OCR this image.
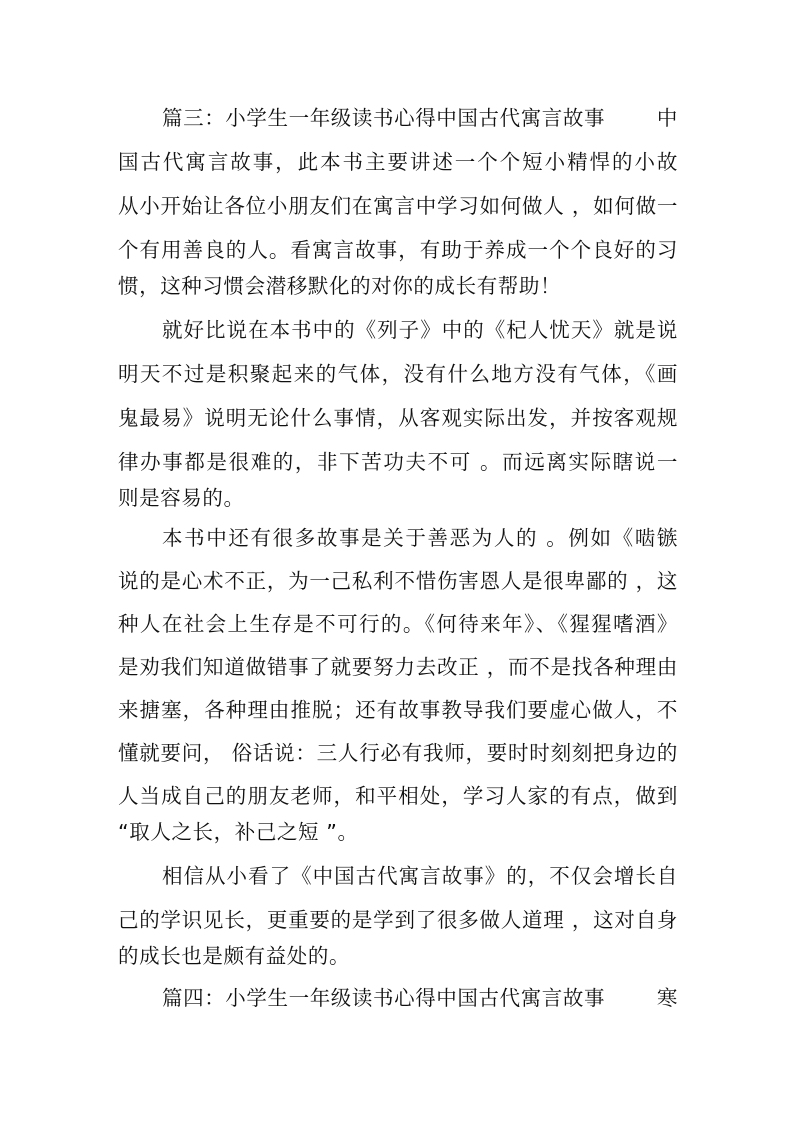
篇三：小学生一年级读书心得中国古代寓言故事	中
国古代寓言故事，此本书主要讲述一个个短小精悍的小故
从小开始让各位小朋友们在寓言中学习如何做人 ，如何做一
个有用善良的人。看寓言故事，有助于养成一个个良好的习
惯，这种习惯会潜移默化的对你的成长有帮助！
就好比说在本书中的《列子》中的《杞人忧天》就是说
明天不过是积聚起来的气体，没有什么地方没有气体，《画
鬼最易》说明无论什么事情，从客观实际出发，并按客观规
律办事都是很难的，非下苦功夫不可 。而远离实际瞎说一
则是容易的。
本书中还有很多故事是关于善恶为人的 。例如《啮镞
说的是心术不正，为一己私利不惜伤害恩人是很卑鄙的 ，这
种人在社会上生存是不可行的。《何待来年》、《猩猩嗜酒》
是劝我们知道做错事了就要努力去改正 ，而不是找各种理由
来搪塞，各种理由推脱；还有故事教导我们要虚心做人，不
懂就要问， 俗话说：三人行必有我师，要时时刻刻把身边的
人当成自己的朋友老师，和平相处，学习人家的有点，做到
“取人之长，补己之短 ”。
相信从小看了《中国古代寓言故事》的，不仅会增长自
己的学识见长，更重要的是学到了很多做人道理 ，这对自身
的成长也是颇有益处的。
篇四：小学生一年级读书心得中国古代寓言故事	寒
